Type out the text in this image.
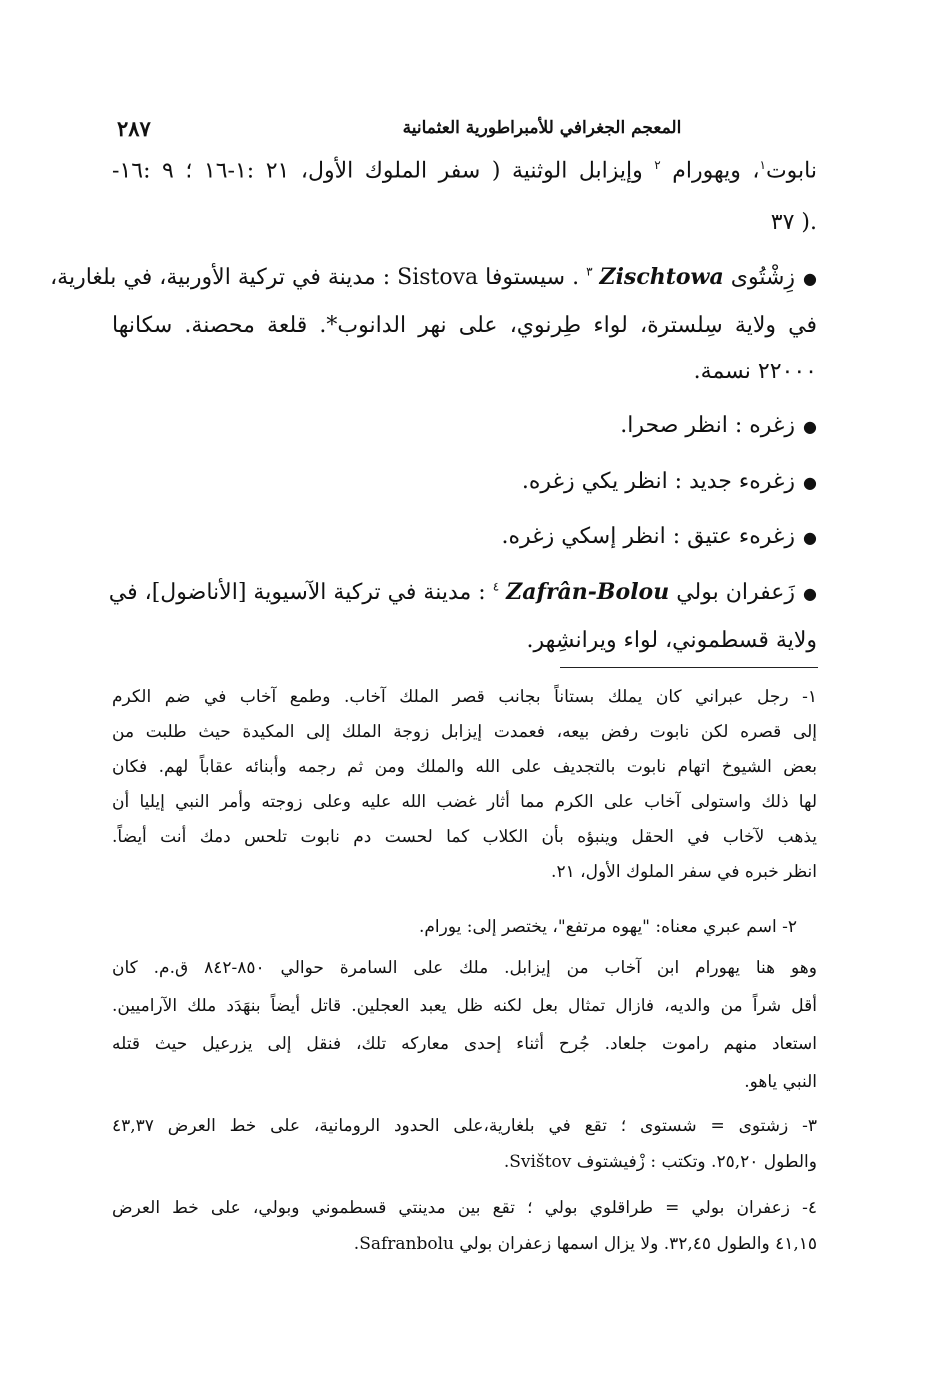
٢٨٧	المعجم الجغرافي للأمبراطورية العثمانية
نابوت$^١$، ويهورام $^٢$ وإيزابل الوثنية ( سفر الملوك الأول، ٢١ :١-١٦ ؛ ٩ :١٦-
.( ٣٧
●زِشْتُوى Zischtowa $^٣$ . سيستوفا Sistova : مدينة في تركية الأوربية، في بلغارية،
في ولاية سِلسترة، لواء طِرنوي، على نهر الدانوب*. قلعة محصنة. سكانها
٢٢٠٠٠ نسمة.
●زغره : انظر صحرا.
●زغرهء جديد : انظر يكي زغره.
●زغرهء عتيق : انظر إسكي زغره.
●زَعفران بولي Zafrân-Bolou $^٤$ : مدينة في تركية الآسيوية [الأناضول]، في
ولاية قسطموني، لواء ويرانشِهر.
١- رجل عبراني كان يملك بستاناً بجانب قصر الملك آخاب. وطمع آخاب في ضم الكرم
إلى قصره لكن نابوت رفض بيعه، فعمدت إيزابل زوجة الملك إلى المكيدة حيث طلبت من
بعض الشيوخ اتهام نابوت بالتجديف على الله والملك ومن ثم رجمه وأبنائه عقاباً لهم. فكان
لها ذلك واستولى آخاب على الكرم مما أثار غضب الله عليه وعلى زوجته وأمر النبي إيليا أن
يذهب لآخاب في الحقل وينبؤه بأن الكلاب كما لحست دم نابوت تلحس دمك أنت أيضاً.
انظر خبره في سفر الملوك الأول، ٢١.
٢- اسم عبري معناه: "يهوه مرتفع"، يختصر إلى: يورام.
وهو هنا يهورام ابن آخاب من إيزابل. ملك على السامرة حوالي ٨٥٠-٨٤٢ ق.م. كان
أقل شراً من والديه، فازال تمثال بعل لكنه ظل يعبد العجلين. قاتل أيضاً بنهَدَد ملك الآراميين.
استعاد منهم راموت جلعاد. جُرح أثناء إحدى معاركه تلك، فنقل إلى يزرعيل حيث قتله
النبي ياهو.
٣- زشتوى = شستوى ؛ تقع في بلغارية،على الحدود الرومانية، على خط العرض ٤٣,٣٧
والطول ٢٥,٢٠. وتكتب : زْفيشتوف Svištov.
٤- زعفران بولي = طراقلوي بولي ؛ تقع بين مدينتي قسطموني وبولي، على خط العرض
٤١,١٥ والطول ٣٢,٤٥. ولا يزال اسمها زعفران بولي Safranbolu.
